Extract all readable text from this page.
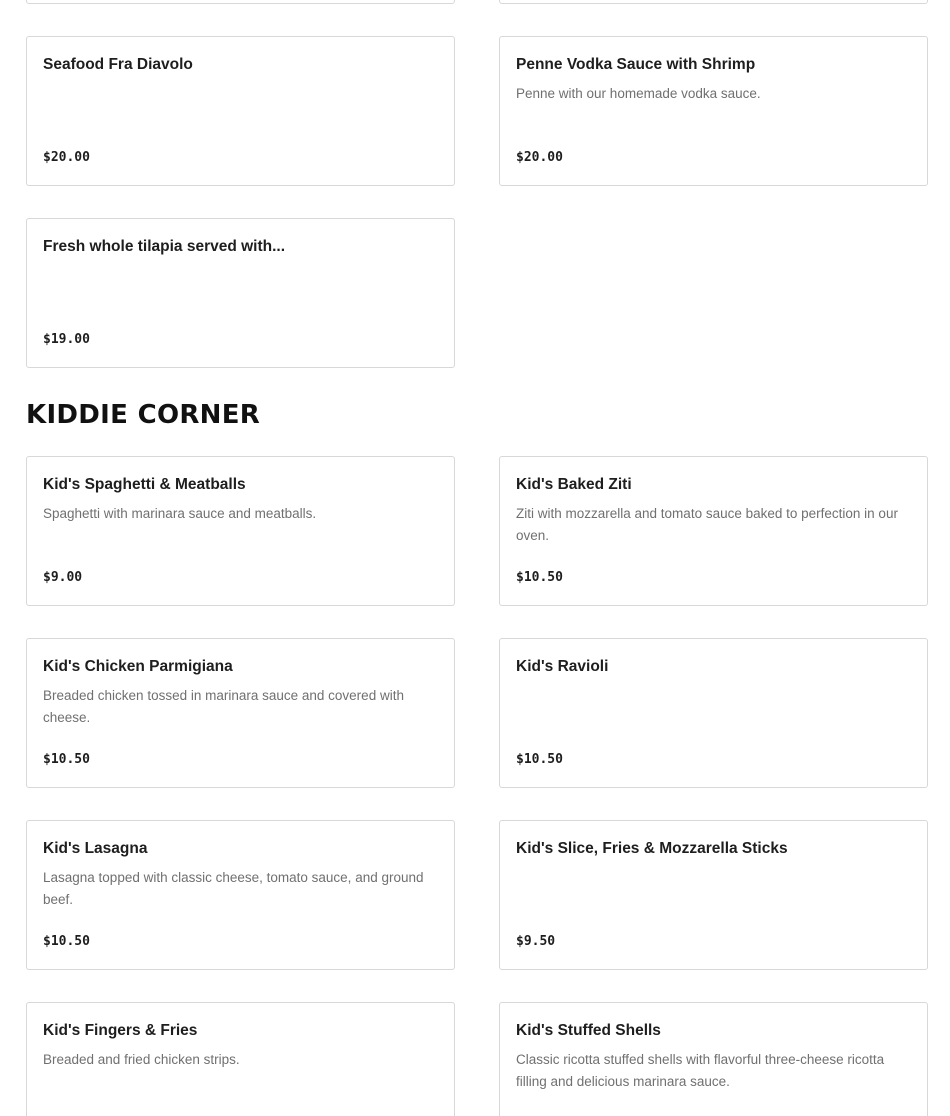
Seafood Fra Diavolo
$20.00
Penne Vodka Sauce with Shrimp
Penne with our homemade vodka sauce.
$20.00
Fresh whole tilapia served with...
$19.00
KIDDIE CORNER
Kid's Spaghetti & Meatballs
Spaghetti with marinara sauce and meatballs.
$9.00
Kid's Baked Ziti
Ziti with mozzarella and tomato sauce baked to perfection in our oven.
$10.50
Kid's Chicken Parmigiana
Breaded chicken tossed in marinara sauce and covered with cheese.
$10.50
Kid's Ravioli
$10.50
Kid's Lasagna
Lasagna topped with classic cheese, tomato sauce, and ground beef.
$10.50
Kid's Slice, Fries & Mozzarella Sticks
$9.50
Kid's Fingers & Fries
Breaded and fried chicken strips.
Kid's Stuffed Shells
Classic ricotta stuffed shells with flavorful three-cheese ricotta filling and delicious marinara sauce.
